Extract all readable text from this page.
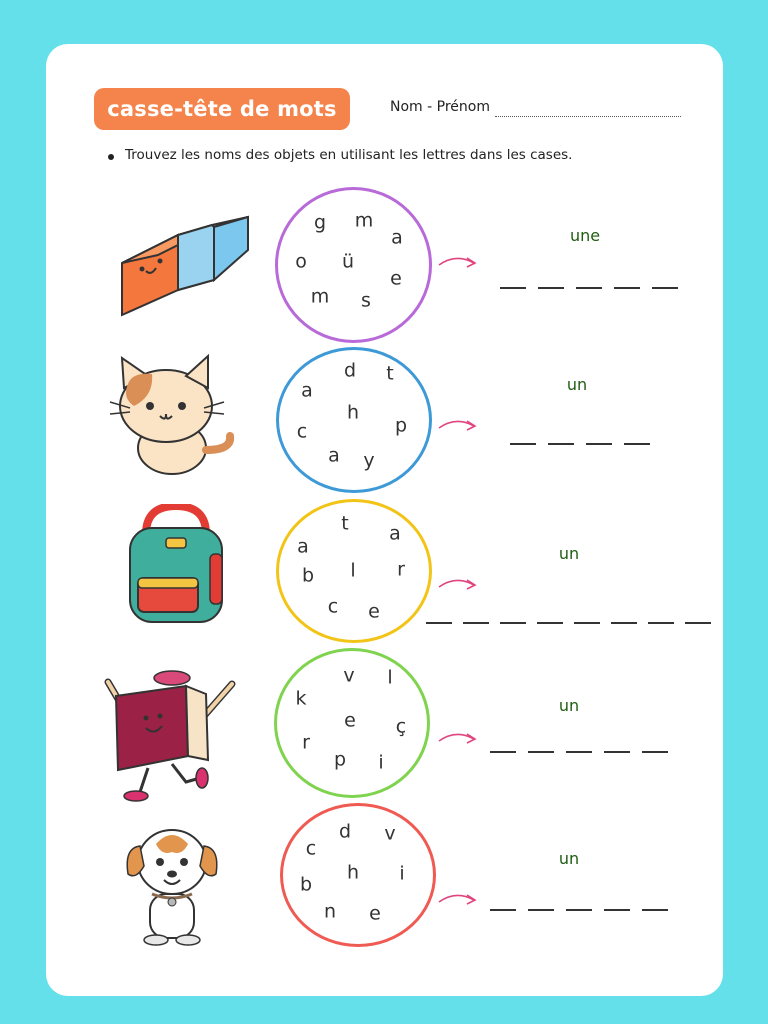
casse-tête de mots	Nom - Prénom
Trouvez les noms des objets en utilisant les lettres dans les cases.
g m
a
o ü
e
m s
une
d t
a
h
p
c
a y
un
t a
a
l r
b
c e
un
v l
k
e ç
r
p i
un
d v
c
h i
b
n e
un
